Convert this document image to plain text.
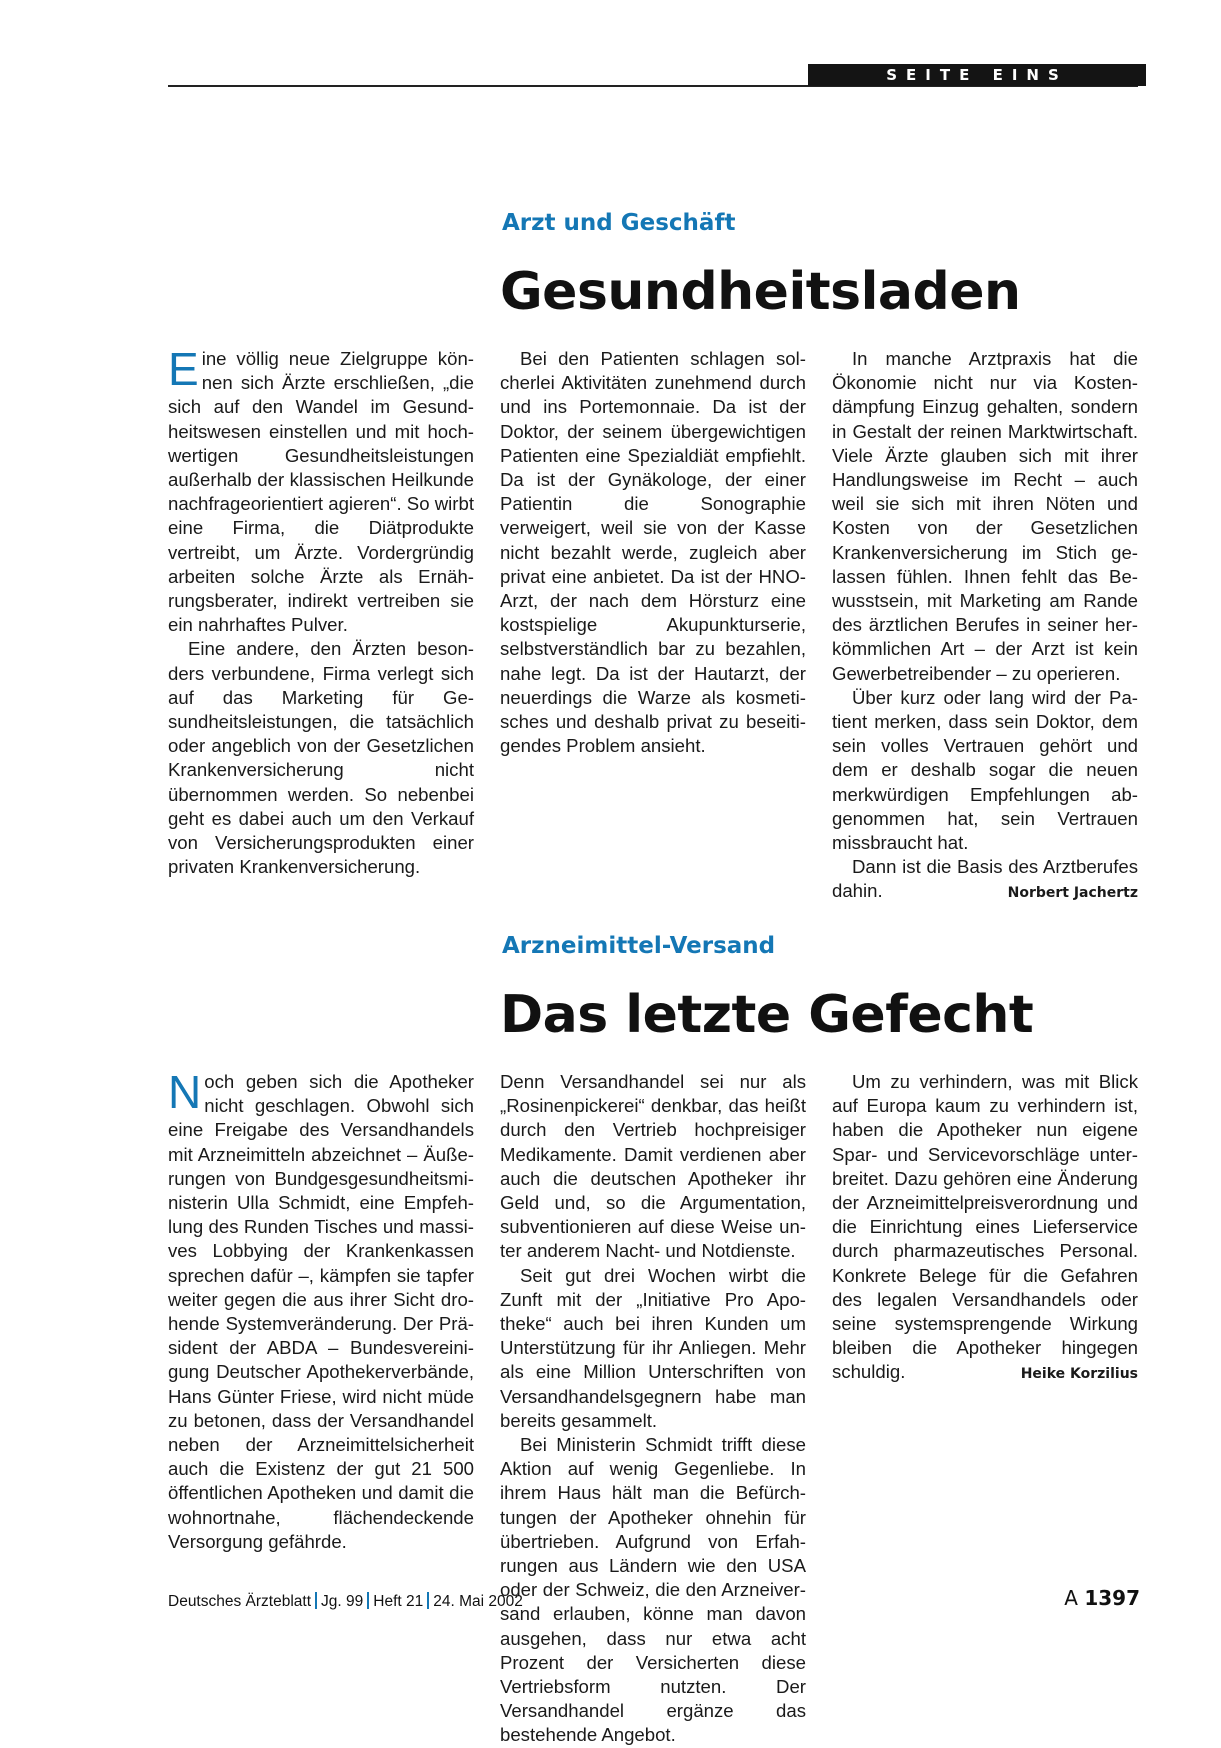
SEITE EINS
Arzt und Geschäft
Gesundheitsladen

Eine völlig neue Zielgruppe können sich Ärzte erschließen, „die sich auf den Wandel im Gesundheitswesen einstellen und mit hochwertigen Gesundheitsleistungen außerhalb der klassischen Heilkunde nachfrageorientiert agieren“. So wirbt eine Firma, die Diätprodukte vertreibt, um Ärzte. Vordergründig arbeiten solche Ärzte als Ernährungsberater, indirekt vertreiben sie ein nahrhaftes Pulver.

Eine andere, den Ärzten besonders verbundene, Firma verlegt sich auf das Marketing für Gesundheitsleistungen, die tatsächlich oder angeblich von der Gesetzlichen Krankenversicherung nicht übernommen werden. So nebenbei geht es dabei auch um den Verkauf von Versicherungsprodukten einer privaten Krankenversicherung.

Bei den Patienten schlagen solcherlei Aktivitäten zunehmend durch und ins Portemonnaie. Da ist der Doktor, der seinem übergewichtigen Patienten eine Spezialdiät empfiehlt. Da ist der Gynäkologe, der einer Patientin die Sonographie verweigert, weil sie von der Kasse nicht bezahlt werde, zugleich aber privat eine anbietet. Da ist der HNO-Arzt, der nach dem Hörsturz eine kostspielige Akupunkturserie, selbstverständlich bar zu bezahlen, nahe legt. Da ist der Hautarzt, der neuerdings die Warze als kosmetisches und deshalb privat zu beseitigendes Problem ansieht.

In manche Arztpraxis hat die Ökonomie nicht nur via Kostendämpfung Einzug gehalten, sondern in Gestalt der reinen Marktwirtschaft. Viele Ärzte glauben sich mit ihrer Handlungsweise im Recht – auch weil sie sich mit ihren Nöten und Kosten von der Gesetzlichen Krankenversicherung im Stich gelassen fühlen. Ihnen fehlt das Bewusstsein, mit Marketing am Rande des ärztlichen Berufes in seiner herkömmlichen Art – der Arzt ist kein Gewerbetreibender – zu operieren.

Über kurz oder lang wird der Patient merken, dass sein Doktor, dem sein volles Vertrauen gehört und dem er deshalb sogar die neuen merkwürdigen Empfehlungen abgenommen hat, sein Vertrauen missbraucht hat.

Dann ist die Basis des Arztberufes dahin.	Norbert Jachertz

Arzneimittel-Versand
Das letzte Gefecht

Noch geben sich die Apotheker nicht geschlagen. Obwohl sich eine Freigabe des Versandhandels mit Arzneimitteln abzeichnet – Äußerungen von Bundgesgesundheitsministerin Ulla Schmidt, eine Empfehlung des Runden Tisches und massives Lobbying der Krankenkassen sprechen dafür –, kämpfen sie tapfer weiter gegen die aus ihrer Sicht drohende Systemveränderung. Der Präsident der ABDA – Bundesvereinigung Deutscher Apothekerverbände, Hans Günter Friese, wird nicht müde zu betonen, dass der Versandhandel neben der Arzneimittelsicherheit auch die Existenz der gut 21 500 öffentlichen Apotheken und damit die wohnortnahe, flächendeckende Versorgung gefährde.

Denn Versandhandel sei nur als „Rosinenpickerei“ denkbar, das heißt durch den Vertrieb hochpreisiger Medikamente. Damit verdienen aber auch die deutschen Apotheker ihr Geld und, so die Argumentation, subventionieren auf diese Weise unter anderem Nacht- und Notdienste.

Seit gut drei Wochen wirbt die Zunft mit der „Initiative Pro Apotheke“ auch bei ihren Kunden um Unterstützung für ihr Anliegen. Mehr als eine Million Unterschriften von Versandhandelsgegnern habe man bereits gesammelt.

Bei Ministerin Schmidt trifft diese Aktion auf wenig Gegenliebe. In ihrem Haus hält man die Befürchtungen der Apotheker ohnehin für übertrieben. Aufgrund von Erfahrungen aus Ländern wie den USA oder der Schweiz, die den Arzneiversand erlauben, könne man davon ausgehen, dass nur etwa acht Prozent der Versicherten diese Vertriebsform nutzten. Der Versandhandel ergänze das bestehende Angebot.

Um zu verhindern, was mit Blick auf Europa kaum zu verhindern ist, haben die Apotheker nun eigene Spar- und Servicevorschläge unterbreitet. Dazu gehören eine Änderung der Arzneimittelpreisverordnung und die Einrichtung eines Lieferservice durch pharmazeutisches Personal. Konkrete Belege für die Gefahren des legalen Versandhandels oder seine systemsprengende Wirkung bleiben die Apotheker hingegen schuldig.	Heike Korzilius

Deutsches Ärzteblatt Jg. 99 Heft 21 24. Mai 2002	A 1397
